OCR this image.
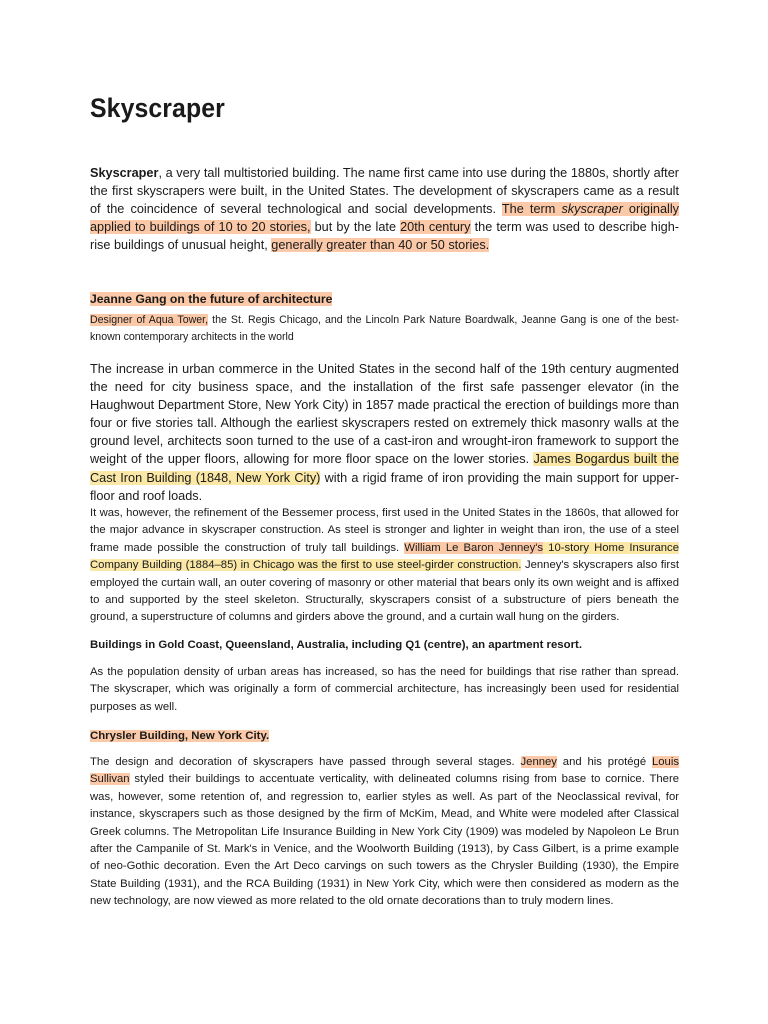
Skyscraper

Skyscraper, a very tall multistoried building. The name first came into use during the 1880s, shortly after the first skyscrapers were built, in the United States. The development of skyscrapers came as a result of the coincidence of several technological and social developments. The term skyscraper originally applied to buildings of 10 to 20 stories, but by the late 20th century the term was used to describe high-rise buildings of unusual height, generally greater than 40 or 50 stories.

Jeanne Gang on the future of architecture

Designer of Aqua Tower, the St. Regis Chicago, and the Lincoln Park Nature Boardwalk, Jeanne Gang is one of the best-known contemporary architects in the world

The increase in urban commerce in the United States in the second half of the 19th century augmented the need for city business space, and the installation of the first safe passenger elevator (in the Haughwout Department Store, New York City) in 1857 made practical the erection of buildings more than four or five stories tall. Although the earliest skyscrapers rested on extremely thick masonry walls at the ground level, architects soon turned to the use of a cast-iron and wrought-iron framework to support the weight of the upper floors, allowing for more floor space on the lower stories. James Bogardus built the Cast Iron Building (1848, New York City) with a rigid frame of iron providing the main support for upper-floor and roof loads.

It was, however, the refinement of the Bessemer process, first used in the United States in the 1860s, that allowed for the major advance in skyscraper construction. As steel is stronger and lighter in weight than iron, the use of a steel frame made possible the construction of truly tall buildings. William Le Baron Jenney's 10-story Home Insurance Company Building (1884–85) in Chicago was the first to use steel-girder construction. Jenney's skyscrapers also first employed the curtain wall, an outer covering of masonry or other material that bears only its own weight and is affixed to and supported by the steel skeleton. Structurally, skyscrapers consist of a substructure of piers beneath the ground, a superstructure of columns and girders above the ground, and a curtain wall hung on the girders.

Buildings in Gold Coast, Queensland, Australia, including Q1 (centre), an apartment resort.

As the population density of urban areas has increased, so has the need for buildings that rise rather than spread. The skyscraper, which was originally a form of commercial architecture, has increasingly been used for residential purposes as well.

Chrysler Building, New York City.

The design and decoration of skyscrapers have passed through several stages. Jenney and his protégé Louis Sullivan styled their buildings to accentuate verticality, with delineated columns rising from base to cornice. There was, however, some retention of, and regression to, earlier styles as well. As part of the Neoclassical revival, for instance, skyscrapers such as those designed by the firm of McKim, Mead, and White were modeled after Classical Greek columns. The Metropolitan Life Insurance Building in New York City (1909) was modeled by Napoleon Le Brun after the Campanile of St. Mark's in Venice, and the Woolworth Building (1913), by Cass Gilbert, is a prime example of neo-Gothic decoration. Even the Art Deco carvings on such towers as the Chrysler Building (1930), the Empire State Building (1931), and the RCA Building (1931) in New York City, which were then considered as modern as the new technology, are now viewed as more related to the old ornate decorations than to truly modern lines.
